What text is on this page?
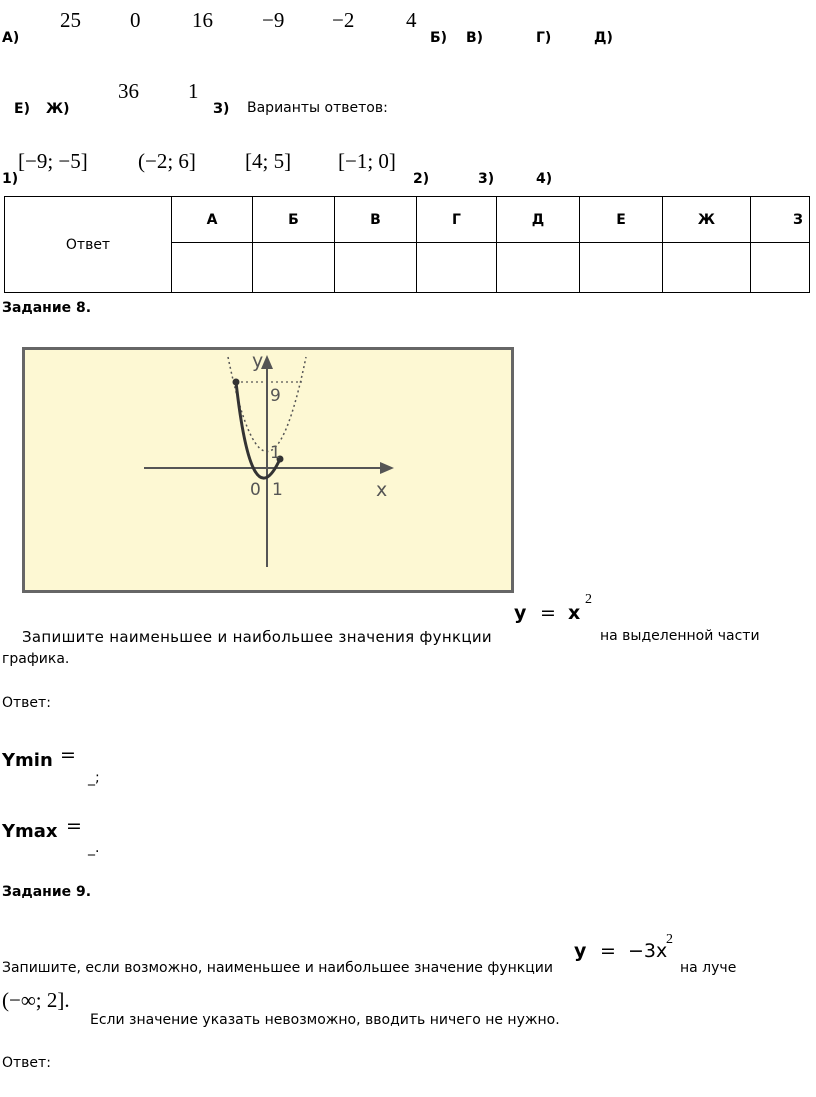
А)
25 0 16 −9 −2 4
Б) В)	Г)	Д)
Е) Ж)
36 1
З) Варианты ответов:
1)
[−9; −5] (−2; 6] [4; 5] [−1; 0]
2)	3)	4)
Ответ	А	Б	В	Г	Д	Е	Ж	З

Задание 8.
y
x
9
1
0 1
Запишите наименьшее и наибольшее значения функции
y = x
2
на выделенной части
графика.
Ответ:
Ymin =
_;
Ymax =
_.
Задание 9.
Запишите, если возможно, наименьшее и наибольшее значение функции
y = −3x
2
на луче
(−∞; 2].
Если значение указать невозможно, вводить ничего не нужно.
Ответ:
